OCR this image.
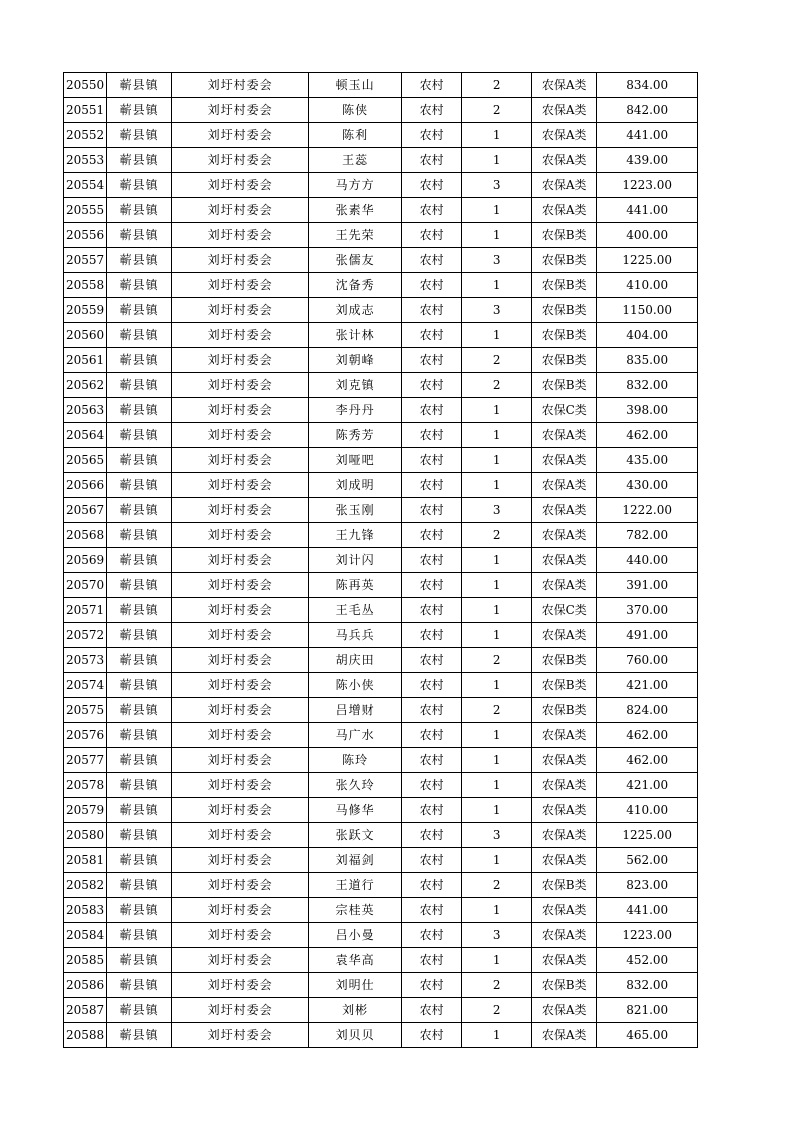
20550	蕲县镇	刘圩村委会	顿玉山	农村	2	农保A类	834.00
20551	蕲县镇	刘圩村委会	陈侠	农村	2	农保A类	842.00
20552	蕲县镇	刘圩村委会	陈利	农村	1	农保A类	441.00
20553	蕲县镇	刘圩村委会	王蕊	农村	1	农保A类	439.00
20554	蕲县镇	刘圩村委会	马方方	农村	3	农保A类	1223.00
20555	蕲县镇	刘圩村委会	张素华	农村	1	农保A类	441.00
20556	蕲县镇	刘圩村委会	王先荣	农村	1	农保B类	400.00
20557	蕲县镇	刘圩村委会	张儒友	农村	3	农保B类	1225.00
20558	蕲县镇	刘圩村委会	沈备秀	农村	1	农保B类	410.00
20559	蕲县镇	刘圩村委会	刘成志	农村	3	农保B类	1150.00
20560	蕲县镇	刘圩村委会	张计林	农村	1	农保B类	404.00
20561	蕲县镇	刘圩村委会	刘朝峰	农村	2	农保B类	835.00
20562	蕲县镇	刘圩村委会	刘克镇	农村	2	农保B类	832.00
20563	蕲县镇	刘圩村委会	李丹丹	农村	1	农保C类	398.00
20564	蕲县镇	刘圩村委会	陈秀芳	农村	1	农保A类	462.00
20565	蕲县镇	刘圩村委会	刘哑吧	农村	1	农保A类	435.00
20566	蕲县镇	刘圩村委会	刘成明	农村	1	农保A类	430.00
20567	蕲县镇	刘圩村委会	张玉刚	农村	3	农保A类	1222.00
20568	蕲县镇	刘圩村委会	王九锋	农村	2	农保A类	782.00
20569	蕲县镇	刘圩村委会	刘计闪	农村	1	农保A类	440.00
20570	蕲县镇	刘圩村委会	陈再英	农村	1	农保A类	391.00
20571	蕲县镇	刘圩村委会	王毛丛	农村	1	农保C类	370.00
20572	蕲县镇	刘圩村委会	马兵兵	农村	1	农保A类	491.00
20573	蕲县镇	刘圩村委会	胡庆田	农村	2	农保B类	760.00
20574	蕲县镇	刘圩村委会	陈小侠	农村	1	农保B类	421.00
20575	蕲县镇	刘圩村委会	吕增财	农村	2	农保B类	824.00
20576	蕲县镇	刘圩村委会	马广水	农村	1	农保A类	462.00
20577	蕲县镇	刘圩村委会	陈玲	农村	1	农保A类	462.00
20578	蕲县镇	刘圩村委会	张久玲	农村	1	农保A类	421.00
20579	蕲县镇	刘圩村委会	马修华	农村	1	农保A类	410.00
20580	蕲县镇	刘圩村委会	张跃文	农村	3	农保A类	1225.00
20581	蕲县镇	刘圩村委会	刘福剑	农村	1	农保A类	562.00
20582	蕲县镇	刘圩村委会	王道行	农村	2	农保B类	823.00
20583	蕲县镇	刘圩村委会	宗桂英	农村	1	农保A类	441.00
20584	蕲县镇	刘圩村委会	吕小曼	农村	3	农保A类	1223.00
20585	蕲县镇	刘圩村委会	袁华高	农村	1	农保A类	452.00
20586	蕲县镇	刘圩村委会	刘明仕	农村	2	农保B类	832.00
20587	蕲县镇	刘圩村委会	刘彬	农村	2	农保A类	821.00
20588	蕲县镇	刘圩村委会	刘贝贝	农村	1	农保A类	465.00
